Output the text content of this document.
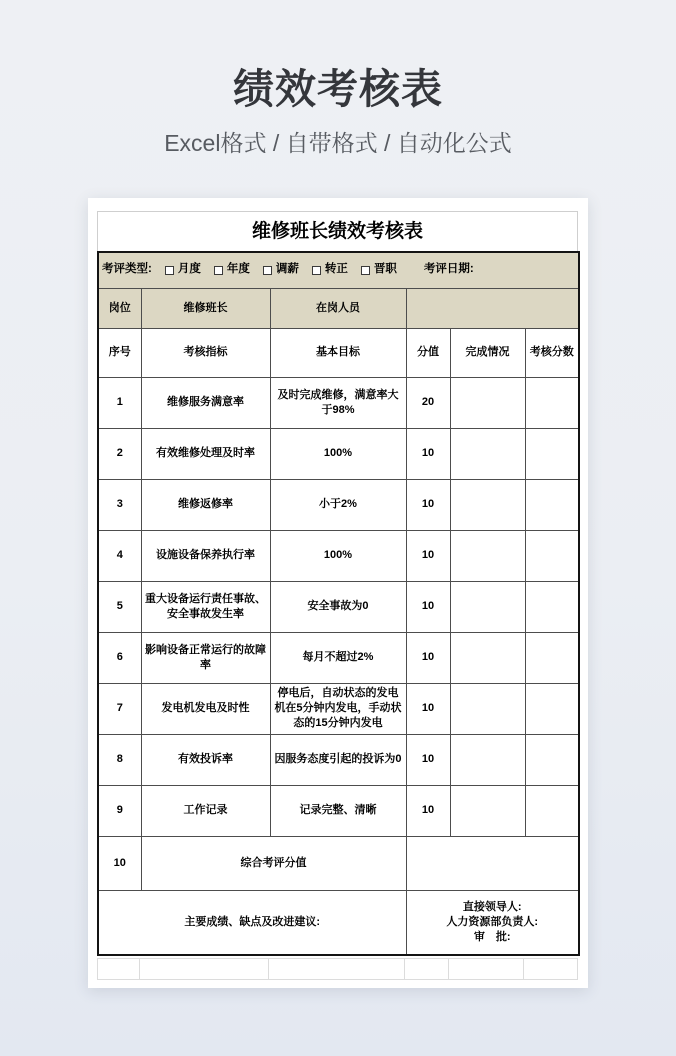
绩效考核表
Excel格式 / 自带格式 / 自动化公式
维修班长绩效考核表
考评类型: 月度 年度 调薪 转正 晋职 考评日期:

岗位	维修班长	在岗人员			
序号	考核指标	基本目标	分值	完成情况	考核分数
1	维修服务满意率	及时完成维修，满意率大于98%	20		
2	有效维修处理及时率	100%	10		
3	维修返修率	小于2%	10		
4	设施设备保养执行率	100%	10		
5	重大设备运行责任事故、安全事故发生率	安全事故为0	10		
6	影响设备正常运行的故障率	每月不超过2%	10		
7	发电机发电及时性	停电后，自动状态的发电机在5分钟内发电，手动状态的15分钟内发电	10		
8	有效投诉率	因服务态度引起的投诉为0	10		
9	工作记录	记录完整、清晰	10		
10	综合考评分值				
主要成绩、缺点及改进建议:			直接领导人:
人力资源部负责人:
审　批:		
